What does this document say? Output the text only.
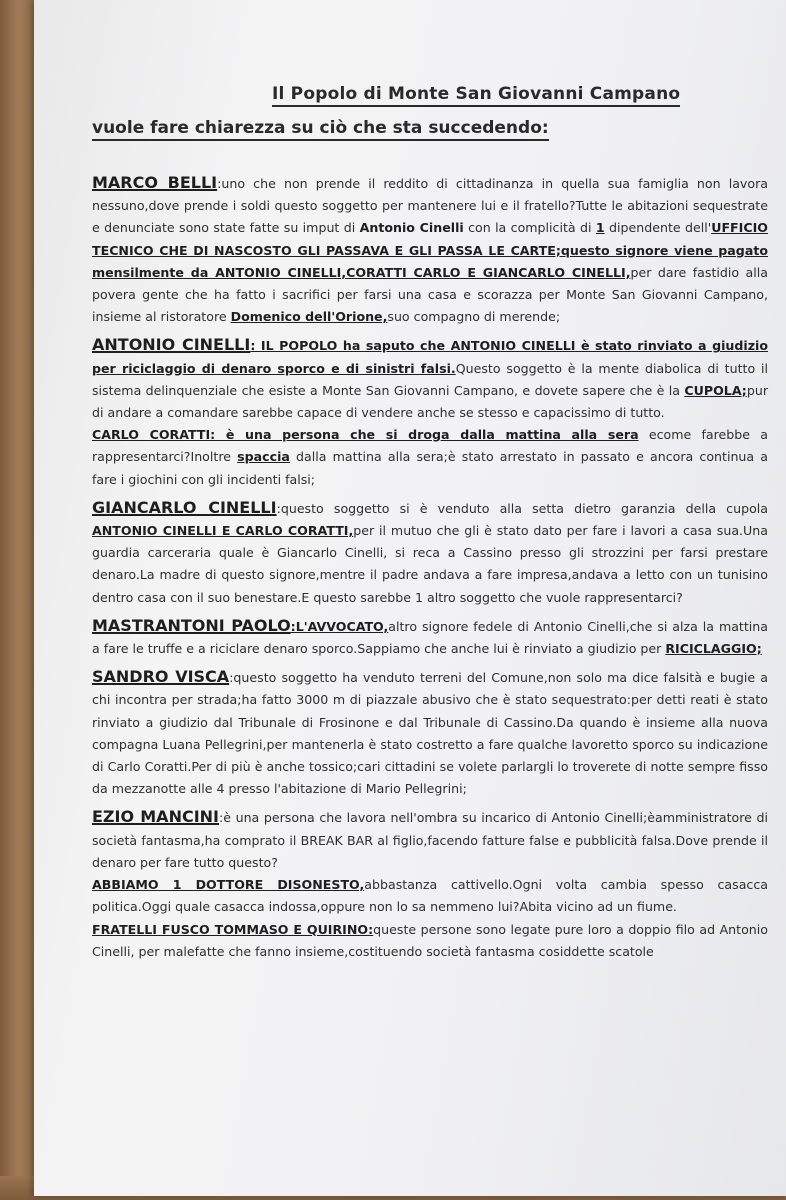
Il Popolo di Monte San Giovanni Campano
vuole fare chiarezza su ciò che sta succedendo:

MARCO BELLI:uno che non prende il reddito di cittadinanza in quella sua famiglia non lavora nessuno,dove prende i soldi questo soggetto per mantenere lui e il fratello?Tutte le abitazioni sequestrate e denunciate sono state fatte su imput di Antonio Cinelli con la complicità di 1 dipendente dell'UFFICIO TECNICO CHE DI NASCOSTO GLI PASSAVA E GLI PASSA LE CARTE;questo signore viene pagato mensilmente da ANTONIO CINELLI,CORATTI CARLO E GIANCARLO CINELLI,per dare fastidio alla povera gente che ha fatto i sacrifici per farsi una casa e scorazza per Monte San Giovanni Campano, insieme al ristoratore Domenico dell'Orione,suo compagno di merende;

ANTONIO CINELLI: IL POPOLO ha saputo che ANTONIO CINELLI è stato rinviato a giudizio per riciclaggio di denaro sporco e di sinistri falsi.Questo soggetto è la mente diabolica di tutto il sistema delinquenziale che esiste a Monte San Giovanni Campano, e dovete sapere che è la CUPOLA;pur di andare a comandare sarebbe capace di vendere anche se stesso e capacissimo di tutto.

CARLO CORATTI: è una persona che si droga dalla mattina alla sera ecome farebbe a rappresentarci?Inoltre spaccia dalla mattina alla sera;è stato arrestato in passato e ancora continua a fare i giochini con gli incidenti falsi;

GIANCARLO CINELLI:questo soggetto si è venduto alla setta dietro garanzia della cupola ANTONIO CINELLI E CARLO CORATTI,per il mutuo che gli è stato dato per fare i lavori a casa sua.Una guardia carceraria quale è Giancarlo Cinelli, si reca a Cassino presso gli strozzini per farsi prestare denaro.La madre di questo signore,mentre il padre andava a fare impresa,andava a letto con un tunisino dentro casa con il suo benestare.E questo sarebbe 1 altro soggetto che vuole rappresentarci?

MASTRANTONI PAOLO:L'AVVOCATO,altro signore fedele di Antonio Cinelli,che si alza la mattina a fare le truffe e a riciclare denaro sporco.Sappiamo che anche lui è rinviato a giudizio per RICICLAGGIO;

SANDRO VISCA:questo soggetto ha venduto terreni del Comune,non solo ma dice falsità e bugie a chi incontra per strada;ha fatto 3000 m di piazzale abusivo che è stato sequestrato:per detti reati è stato rinviato a giudizio dal Tribunale di Frosinone e dal Tribunale di Cassino.Da quando è insieme alla nuova compagna Luana Pellegrini,per mantenerla è stato costretto a fare qualche lavoretto sporco su indicazione di Carlo Coratti.Per di più è anche tossico;cari cittadini se volete parlargli lo troverete di notte sempre fisso da mezzanotte alle 4 presso l'abitazione di Mario Pellegrini;

EZIO MANCINI:è una persona che lavora nell'ombra su incarico di Antonio Cinelli;èamministratore di società fantasma,ha comprato il BREAK BAR al figlio,facendo fatture false e pubblicità falsa.Dove prende il denaro per fare tutto questo?

ABBIAMO 1 DOTTORE DISONESTO,abbastanza cattivello.Ogni volta cambia spesso casacca politica.Oggi quale casacca indossa,oppure non lo sa nemmeno lui?Abita vicino ad un fiume.

FRATELLI FUSCO TOMMASO E QUIRINO:queste persone sono legate pure loro a doppio filo ad Antonio Cinelli, per malefatte che fanno insieme,costituendo società fantasma cosiddette scatole
